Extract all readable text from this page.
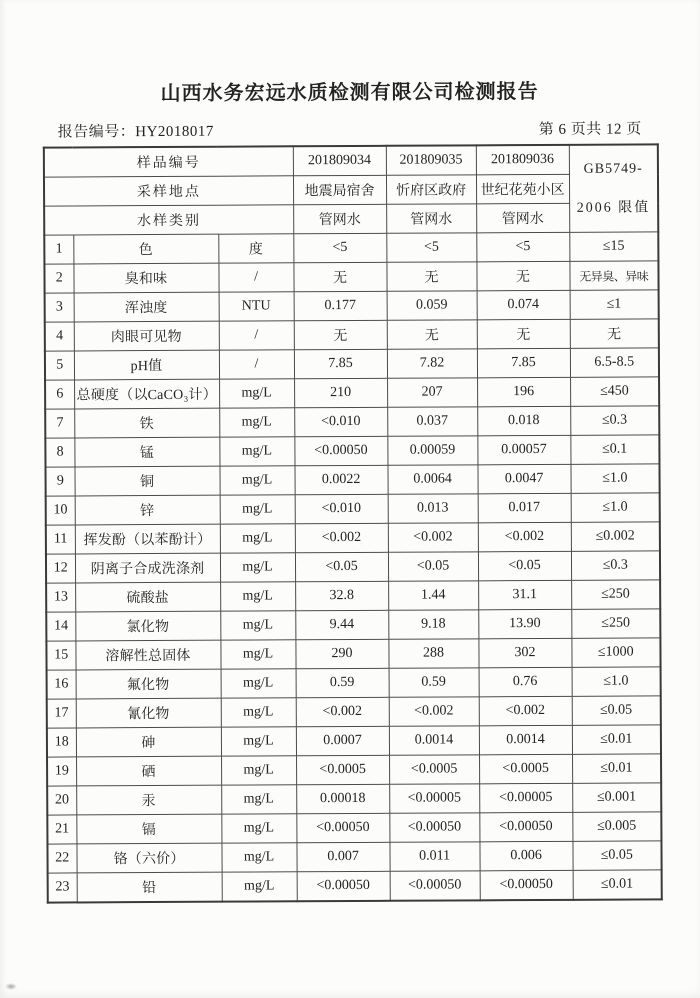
山西水务宏远水质检测有限公司检测报告
报告编号：HY2018017	第 6 页共 12 页
样品编号			201809034	201809035	201809036	GB5749-
2006 限值

采样地点			地震局宿舍	忻府区政府	世纪花苑小区	
水样类别			管网水	管网水	管网水	
1	色	度	<5	<5	<5	≤15
2	臭和味	/	无	无	无	无异臭、异味
3	浑浊度	NTU	0.177	0.059	0.074	≤1
4	肉眼可见物	/	无	无	无	无
5	pH值	/	7.85	7.82	7.85	6.5-8.5
6	总硬度（以CaCO₃计）	mg/L	210	207	196	≤450
7	铁	mg/L	<0.010	0.037	0.018	≤0.3
8	锰	mg/L	<0.00050	0.00059	0.00057	≤0.1
9	铜	mg/L	0.0022	0.0064	0.0047	≤1.0
10	锌	mg/L	<0.010	0.013	0.017	≤1.0
11	挥发酚（以苯酚计）	mg/L	<0.002	<0.002	<0.002	≤0.002
12	阴离子合成洗涤剂	mg/L	<0.05	<0.05	<0.05	≤0.3
13	硫酸盐	mg/L	32.8	1.44	31.1	≤250
14	氯化物	mg/L	9.44	9.18	13.90	≤250
15	溶解性总固体	mg/L	290	288	302	≤1000
16	氟化物	mg/L	0.59	0.59	0.76	≤1.0
17	氰化物	mg/L	<0.002	<0.002	<0.002	≤0.05
18	砷	mg/L	0.0007	0.0014	0.0014	≤0.01
19	硒	mg/L	<0.0005	<0.0005	<0.0005	≤0.01
20	汞	mg/L	0.00018	<0.00005	<0.00005	≤0.001
21	镉	mg/L	<0.00050	<0.00050	<0.00050	≤0.005
22	铬（六价）	mg/L	0.007	0.011	0.006	≤0.05
23	铅	mg/L	<0.00050	<0.00050	<0.00050	≤0.01
